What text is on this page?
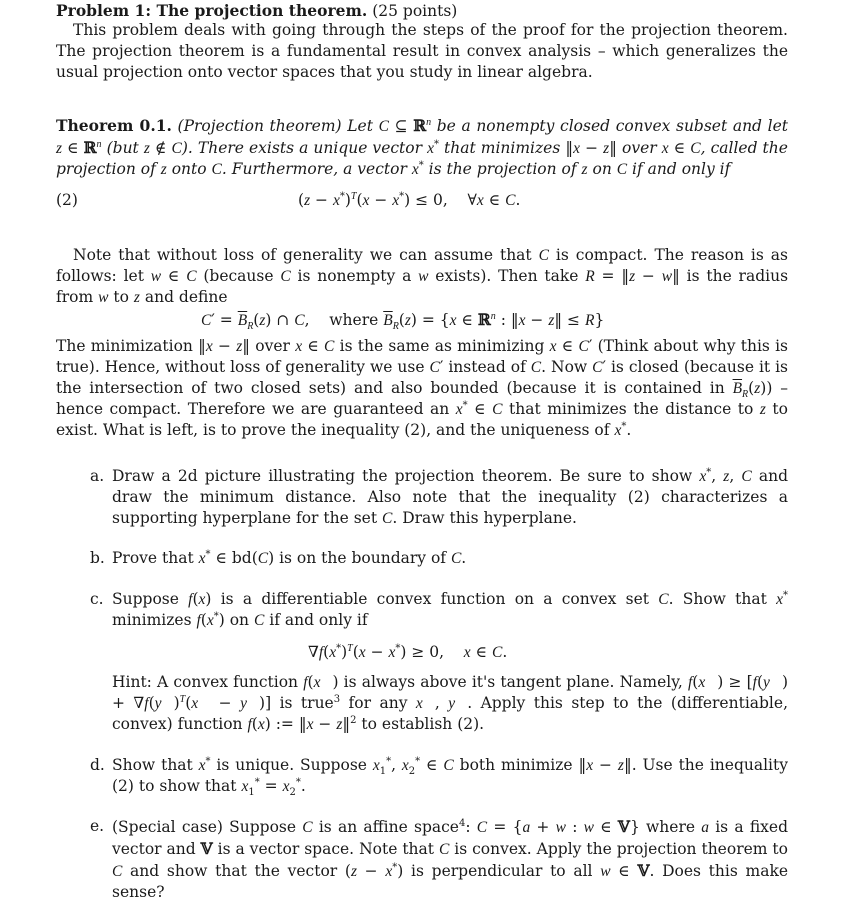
Problem 1: The projection theorem. (25 points)

This problem deals with going through the steps of the proof for the projection theorem. The projection theorem is a fundamental result in convex analysis – which generalizes the usual projection onto vector spaces that you study in linear algebra.

Theorem 0.1. (Projection theorem) Let C ⊆ ℝ$^n$ be a nonempty closed convex subset and let z ∈ ℝ$^n$ (but z ∉ C). There exists a unique vector x* that minimizes ‖x − z‖ over x ∈ C, called the projection of z onto C. Furthermore, a vector x* is the projection of z on C if and only if

(2)	$(z - x^*)^T(x - x^*) \le 0$,    ∀x ∈ C.

Note that without loss of generality we can assume that C is compact. The reason is as follows: let w ∈ C (because C is nonempty a w exists). Then take R = ‖z − w‖ is the radius from w to z and define

$C' = \overline{B}_R(z)$ ∩ C,    where $\overline{B}_R(z) = \{x$ ∈ ℝ$^n$ : ‖x − z‖ ≤ R}

The minimization ‖x − z‖ over x ∈ C is the same as minimizing x ∈ C′ (Think about why this is true). Hence, without loss of generality we use C′ instead of C. Now C′ is closed (because it is the intersection of two closed sets) and also bounded (because it is contained in $\overline{B}_R(z)$) – hence compact. Therefore we are guaranteed an x* ∈ C that minimizes the distance to z to exist. What is left, is to prove the inequality (2), and the uniqueness of x*.

a. Draw a 2d picture illustrating the projection theorem. Be sure to show x*, z, C and draw the minimum distance. Also note that the inequality (2) characterizes a supporting hyperplane for the set C. Draw this hyperplane.

b. Prove that x* ∈ bd(C) is on the boundary of C.

c. Suppose f(x) is a differentiable convex function on a convex set C. Show that x* minimizes f(x*) on C if and only if

$\nabla f(x^*)^T(x - x^*) \ge 0$,    x ∈ C.

Hint: A convex function f(x⃗) is always above it's tangent plane. Namely, f(x⃗) ≥ [f(y⃗) + ∇f(y⃗)$^T$(x⃗ − y⃗)] is true$^3$ for any x⃗, y⃗. Apply this step to the (differentiable, convex) function f(x) := ‖x − z‖$^2$ to establish (2).

d. Show that x* is unique. Suppose $x_1^*$, $x_2^*$ ∈ C both minimize ‖x − z‖. Use the inequality (2) to show that $x_1^* = x_2^*$.

e. (Special case) Suppose C is an affine space$^4$: C = {a + w : w ∈ 𝕍} where a is a fixed vector and 𝕍 is a vector space. Note that C is convex. Apply the projection theorem to C and show that the vector (z − x*) is perpendicular to all w ∈ 𝕍. Does this make sense?
